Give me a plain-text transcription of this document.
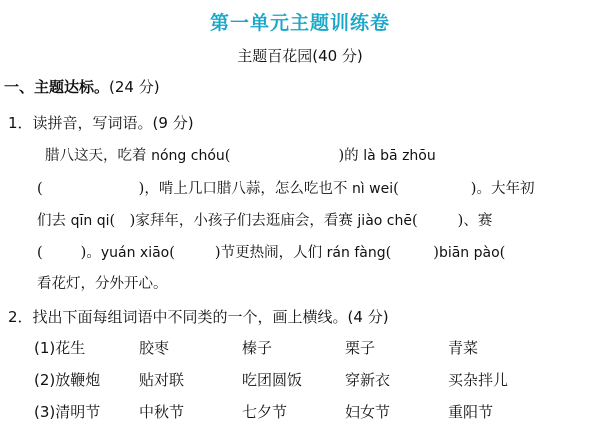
第一单元主题训练卷
主题百花园(40 分)
一、主题达标。(24 分)
1．读拼音，写词语。(9 分)
腊八这天，吃着 nóng chóu(	)的 là bā zhōu
(	)，啃上几口腊八蒜，怎么吃也不 nì wei(	)。大年初
们去 qīn qi(　)家拜年，小孩子们去逛庙会，看赛 jiào chē(	)、赛
(	)。yuán xiāo(	)节更热闹，人们 rán fàng(	)biān pào(
看花灯，分外开心。
2．找出下面每组词语中不同类的一个，画上横线。(4 分)
(1)花生	胶枣	榛子	栗子	青菜
(2)放鞭炮	贴对联	吃团圆饭	穿新衣	买杂拌儿
(3)清明节	中秋节	七夕节	妇女节	重阳节
